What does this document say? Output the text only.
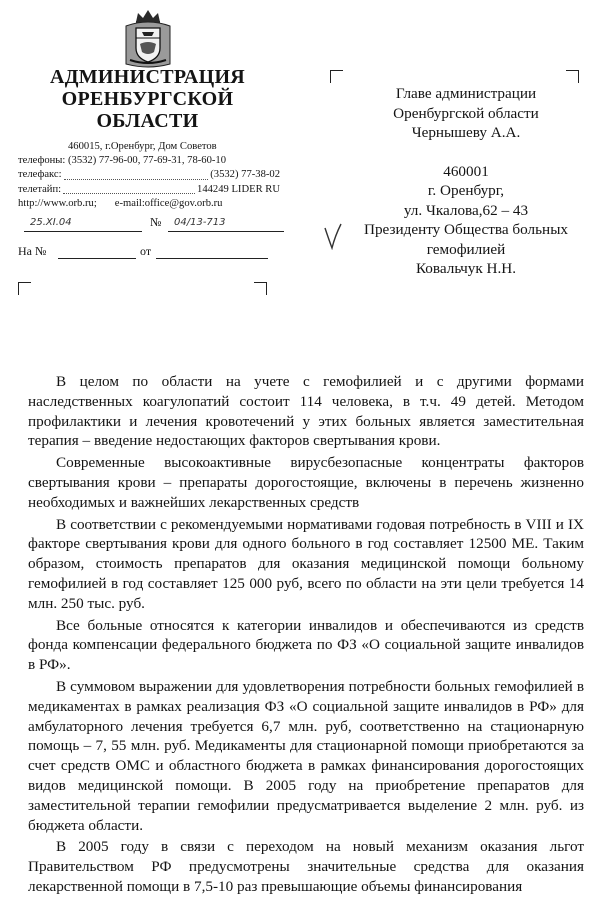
АДМИНИСТРАЦИЯ
ОРЕНБУРГСКОЙ
ОБЛАСТИ
460015, г.Оренбург, Дом Советов
телефоны: (3532) 77-96-00, 77-69-31, 78-60-10
телефакс:	(3532) 77-38-02
телетайп:	144249 LIDER RU
http://www.orb.ru; e-mail:office@gov.orb.ru
25.XI.04	№	04/13-713
На №	от
Главе администрации
Оренбургской области
Чернышеву А.А.
460001
г. Оренбург,
ул. Чкалова,62 – 43
Президенту Общества больных
гемофилией
Ковальчук Н.Н.

В целом по области на учете с гемофилией и с другими формами наследственных коагулопатий состоит 114 человека, в т.ч. 49 детей. Методом профилактики и лечения кровотечений у этих больных является заместительная терапия – введение недостающих факторов свертывания крови.

Современные высокоактивные вирусбезопасные концентраты факторов свертывания крови – препараты дорогостоящие, включены в перечень жизненно необходимых и важнейших лекарственных средств

В соответствии с рекомендуемыми нормативами годовая потребность в VIII и IX факторе свертывания крови для одного больного в год составляет 12500 МЕ. Таким образом, стоимость препаратов для оказания медицинской помощи больному гемофилией в год составляет 125 000 руб, всего по области на эти цели требуется 14 млн. 250 тыс. руб.

Все больные относятся к категории инвалидов и обеспечиваются из средств фонда компенсации федерального бюджета по ФЗ «О социальной защите инвалидов в РФ».

В суммовом выражении для удовлетворения потребности больных гемофилией в медикаментах в рамках реализация ФЗ «О социальной защите инвалидов в РФ» для амбулаторного лечения требуется 6,7 млн. руб, соответственно на стационарную помощь – 7, 55 млн. руб. Медикаменты для стационарной помощи приобретаются за счет средств ОМС и областного бюджета в рамках финансирования дорогостоящих видов медицинской помощи. В 2005 году на приобретение препаратов для заместительной терапии гемофилии предусматривается выделение 2 млн. руб. из бюджета области.

В 2005 году в связи с переходом на новый механизм оказания льгот Правительством РФ предусмотрены значительные средства для оказания лекарственной помощи в 7,5-10 раз превышающие объемы финансирования
